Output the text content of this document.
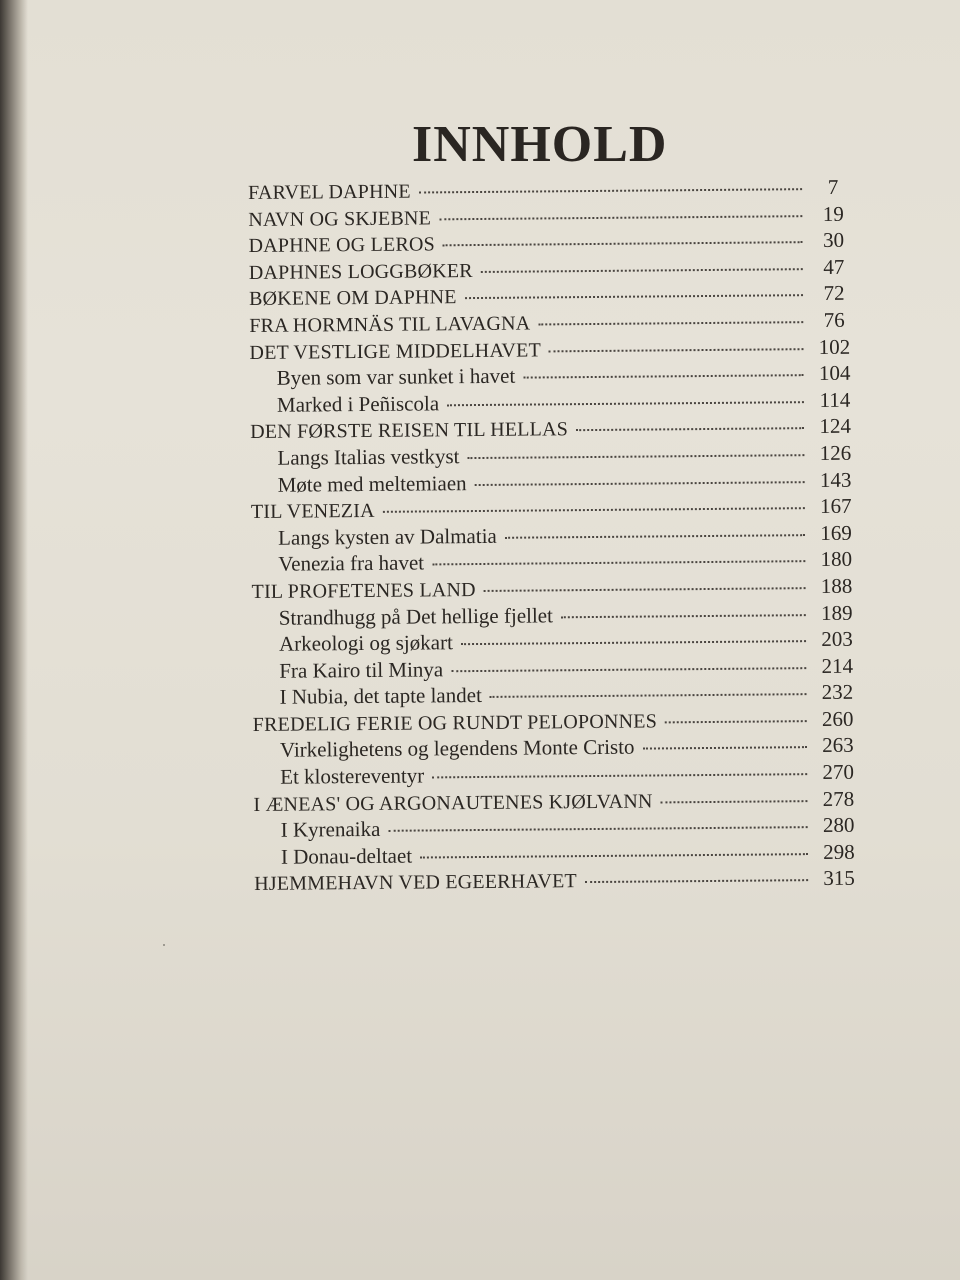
INNHOLD
FARVEL DAPHNE	7
NAVN OG SKJEBNE	19
DAPHNE OG LEROS	30
DAPHNES LOGGBØKER	47
BØKENE OM DAPHNE	72
FRA HORMNÄS TIL LAVAGNA	76
DET VESTLIGE MIDDELHAVET	102
Byen som var sunket i havet	104
Marked i Peñiscola	114
DEN FØRSTE REISEN TIL HELLAS	124
Langs Italias vestkyst	126
Møte med meltemiaen	143
TIL VENEZIA	167
Langs kysten av Dalmatia	169
Venezia fra havet	180
TIL PROFETENES LAND	188
Strandhugg på Det hellige fjellet	189
Arkeologi og sjøkart	203
Fra Kairo til Minya	214
I Nubia, det tapte landet	232
FREDELIG FERIE OG RUNDT PELOPONNES	260
Virkelighetens og legendens Monte Cristo	263
Et klostereventyr	270
I ÆNEAS' OG ARGONAUTENES KJØLVANN	278
I Kyrenaika	280
I Donau-deltaet	298
HJEMMEHAVN VED EGEERHAVET	315
